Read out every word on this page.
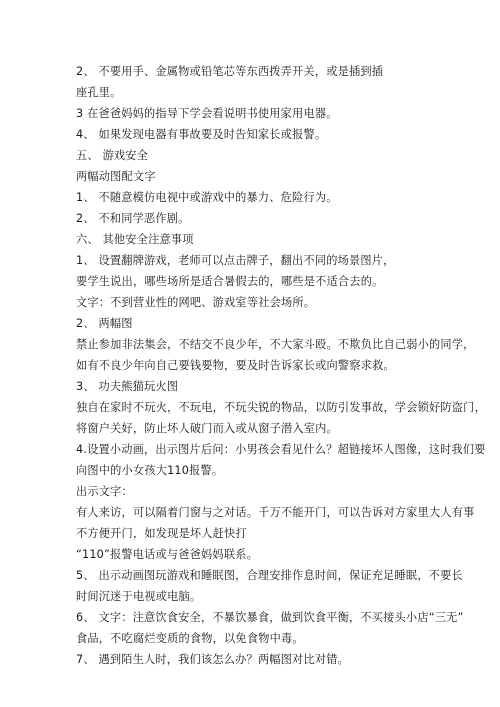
2、 不要用手、金属物或铅笔芯等东西拨弄开关，或是插到插
座孔里。
3 在爸爸妈妈的指导下学会看说明书使用家用电器。
4、 如果发现电器有事故要及时告知家长或报警。
五、 游戏安全
两幅动图配文字
1、 不随意模仿电视中或游戏中的暴力、危险行为。
2、 不和同学恶作剧。
六、 其他安全注意事项
1、 设置翻牌游戏，老师可以点击牌子，翻出不同的场景图片，
要学生说出，哪些场所是适合暑假去的，哪些是不适合去的。
文字：不到营业性的网吧、游戏室等社会场所。
2、 两幅图
禁止参加非法集会，不结交不良少年，不大家斗殴。不欺负比自己弱小的同学，
如有不良少年向自己要钱要物，要及时告诉家长或向警察求救。
3、 功夫熊猫玩火图
独自在家时不玩火，不玩电，不玩尖锐的物品，以防引发事故，学会锁好防盗门，
将窗户关好，防止坏人破门而入或从窗子潜入室内。
4.设置小动画，出示图片后问：小男孩会看见什么？超链接坏人图像，这时我们要
向图中的小女孩大110报警。
出示文字：
有人来访，可以隔着门窗与之对话。千万不能开门，可以告诉对方家里大人有事
不方便开门，如发现是坏人赶快打
“110”报警电话或与爸爸妈妈联系。
5、 出示动画图玩游戏和睡眠图，合理安排作息时间，保证充足睡眠，不要长
时间沉迷于电视或电脑。
6、 文字：注意饮食安全，不暴饮暴食，做到饮食平衡，不买接头小店“三无”
食品，不吃腐烂变质的食物，以免食物中毒。
7、 遇到陌生人时，我们该怎么办？两幅图对比对错。
